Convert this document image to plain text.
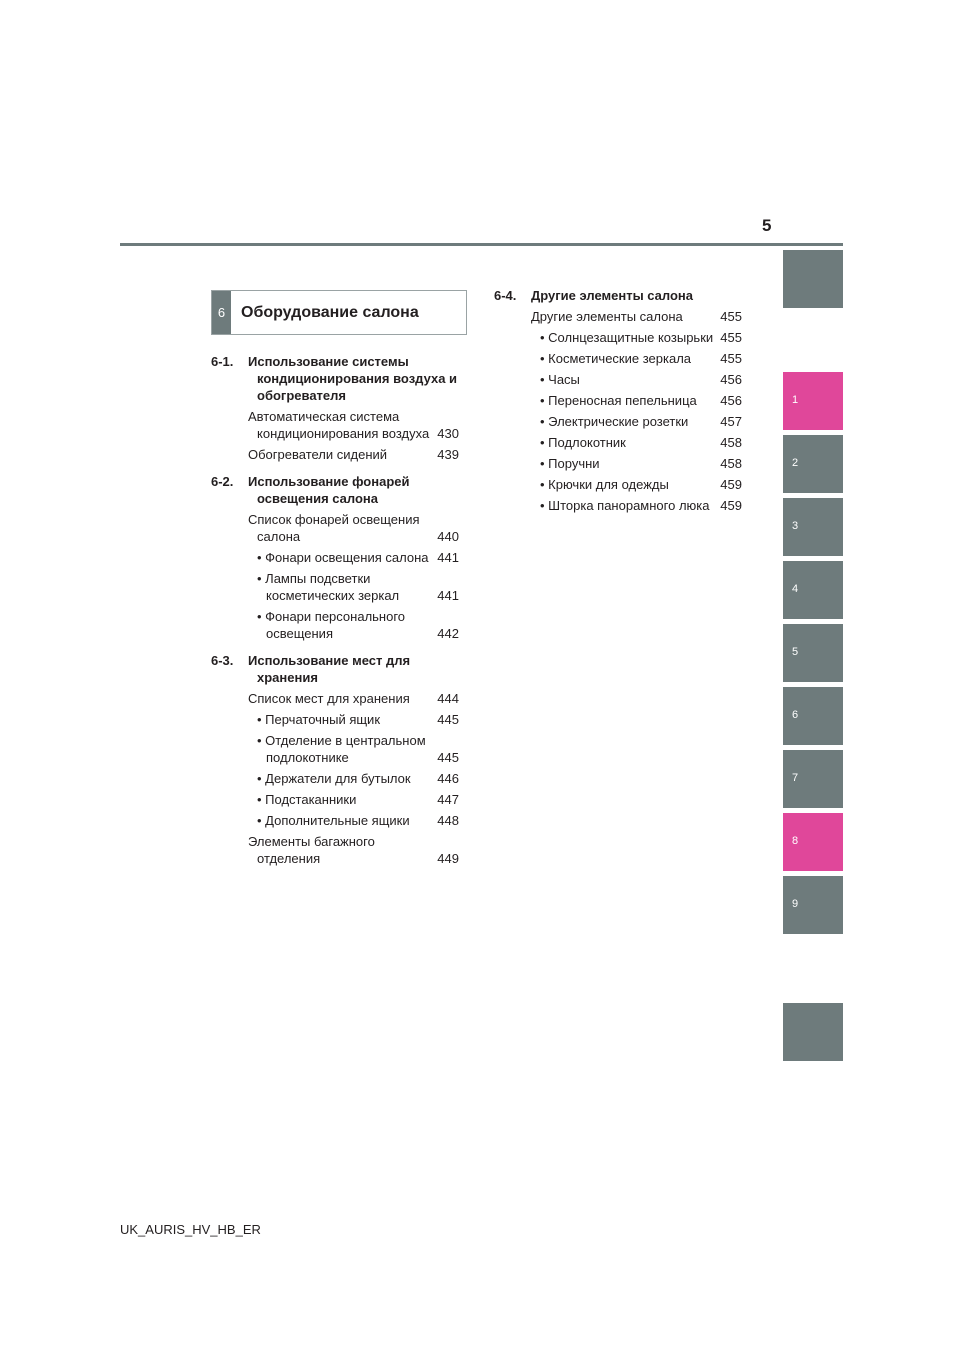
5
6 Оборудование салона
6-1.	Использование системы кондиционирования воздуха и обогревателя
Автоматическая система кондиционирования воздуха 430
Обогреватели сидений	439
6-2.	Использование фонарей освещения салона
Список фонарей освещения салона	440
• Фонари освещения салона 441
• Лампы подсветки косметических зеркал	441
• Фонари персонального освещения	442
6-3.	Использование мест для хранения
Список мест для хранения	444
• Перчаточный ящик	445
• Отделение в центральном подлокотнике	445
• Держатели для бутылок	446
• Подстаканники	447
• Дополнительные ящики	448
Элементы багажного отделения	449
6-4.	Другие элементы салона
Другие элементы салона	455
• Солнцезащитные козырьки 455
• Косметические зеркала	455
• Часы	456
• Переносная пепельница	456
• Электрические розетки	457
• Подлокотник	458
• Поручни	458
• Крючки для одежды	459
• Шторка панорамного люка 459
1
2
3
4
5
6
7
8
9
UK_AURIS_HV_HB_ER
